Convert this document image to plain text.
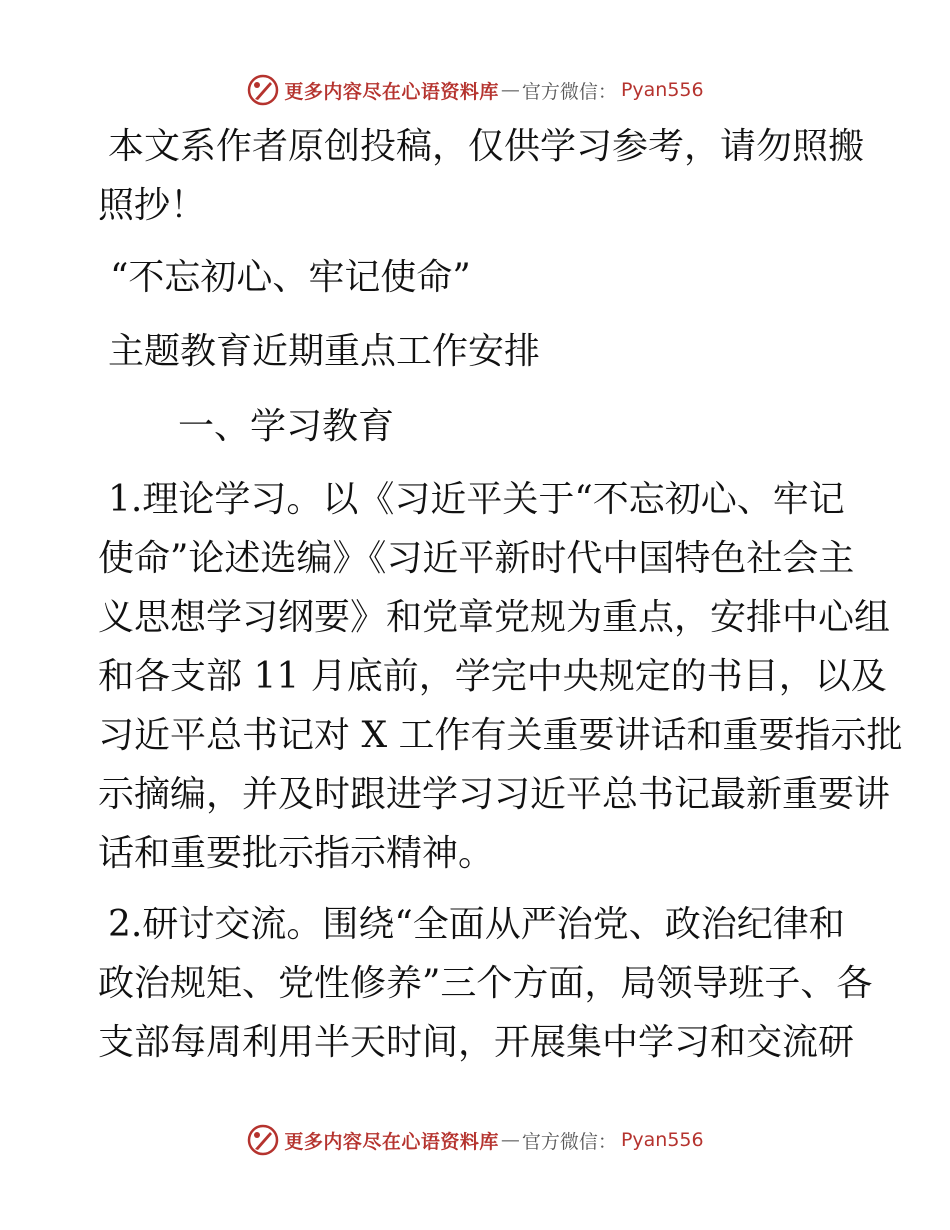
更多内容尽在心语资料库 — 官方微信： Pyan556
本文系作者原创投稿，仅供学习参考，请勿照搬
照抄！
“不忘初心、牢记使命”
主题教育近期重点工作安排
一、学习教育
1.理论学习。以《习近平关于“不忘初心、牢记
使命”论述选编》《习近平新时代中国特色社会主
义思想学习纲要》和党章党规为重点，安排中心组
和各支部 11 月底前，学完中央规定的书目，以及
习近平总书记对 X 工作有关重要讲话和重要指示批
示摘编，并及时跟进学习习近平总书记最新重要讲
话和重要批示指示精神。
2.研讨交流。围绕“全面从严治党、政治纪律和
政治规矩、党性修养”三个方面，局领导班子、各
支部每周利用半天时间，开展集中学习和交流研
更多内容尽在心语资料库 — 官方微信： Pyan556
